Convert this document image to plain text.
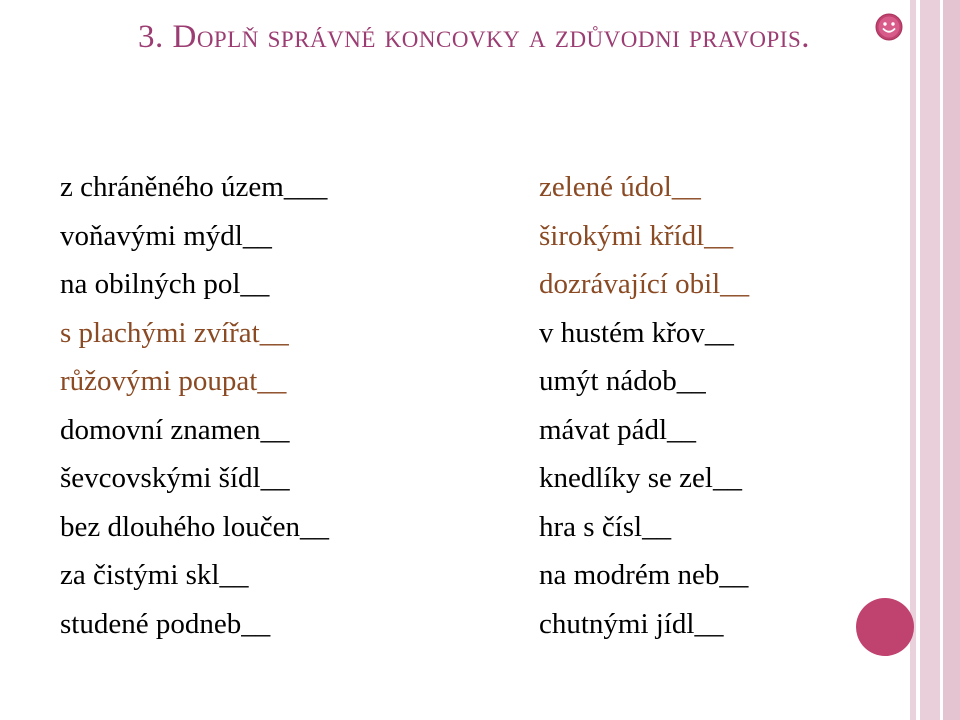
3. Doplň správné koncovky a zdůvodni pravopis.
z chráněného územ___
voňavými mýdl__
na obilných pol__
s plachými zvířat__
růžovými poupat__
domovní znamen__
ševcovskými šídl__
bez dlouhého loučen__
za čistými skl__
studené podneb__
zelené údol__
širokými křídl__
dozrávající obil__
v hustém křov__
umýt nádob__
mávat pádl__
knedlíky se zel__
hra s čísl__
na modrém neb__
chutnými jídl__
